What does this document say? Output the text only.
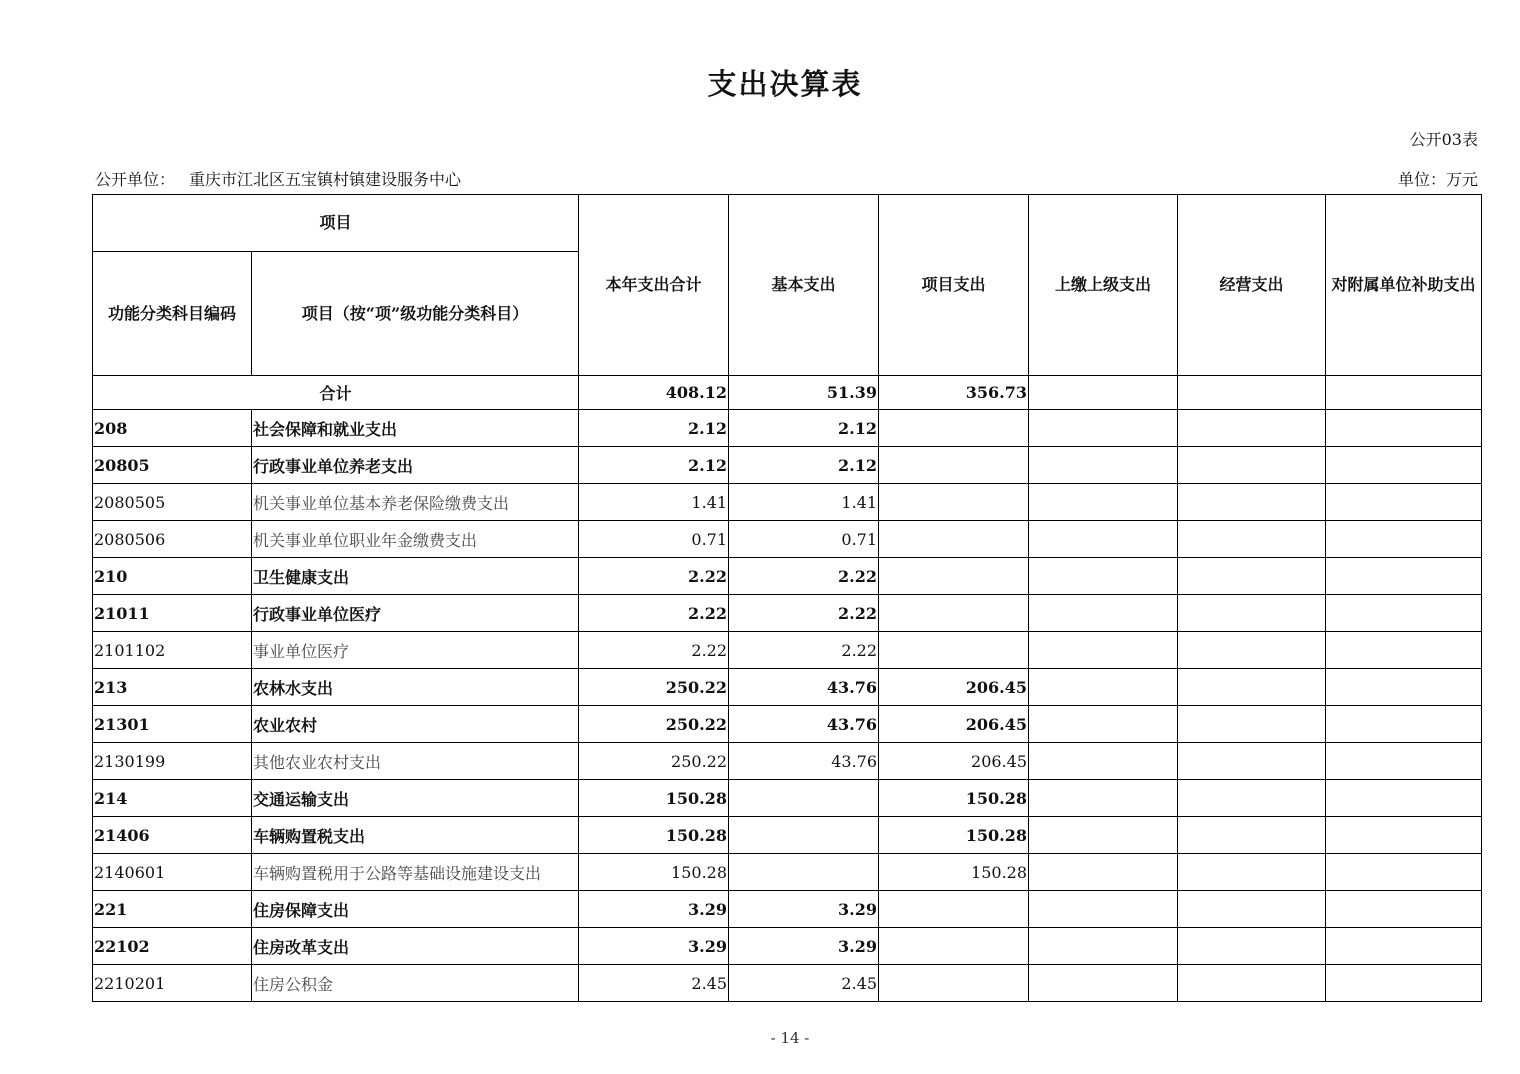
支出决算表
公开03表
公开单位： 重庆市江北区五宝镇村镇建设服务中心	单位：万元
项目		本年支出合计	基本支出	项目支出	上缴上级支出	经营支出	对附属单位补助支出
功能分类科目编码	项目（按“项”级功能分类科目）						
合计		408.12	51.39	356.73			
208	社会保障和就业支出	2.12	2.12				
20805	行政事业单位养老支出	2.12	2.12				
2080505	机关事业单位基本养老保险缴费支出	1.41	1.41				
2080506	机关事业单位职业年金缴费支出	0.71	0.71				
210	卫生健康支出	2.22	2.22				
21011	行政事业单位医疗	2.22	2.22				
2101102	事业单位医疗	2.22	2.22				
213	农林水支出	250.22	43.76	206.45			
21301	农业农村	250.22	43.76	206.45			
2130199	其他农业农村支出	250.22	43.76	206.45			
214	交通运输支出	150.28		150.28			
21406	车辆购置税支出	150.28		150.28			
2140601	车辆购置税用于公路等基础设施建设支出	150.28		150.28			
221	住房保障支出	3.29	3.29				
22102	住房改革支出	3.29	3.29				
2210201	住房公积金	2.45	2.45				
- 14 -
